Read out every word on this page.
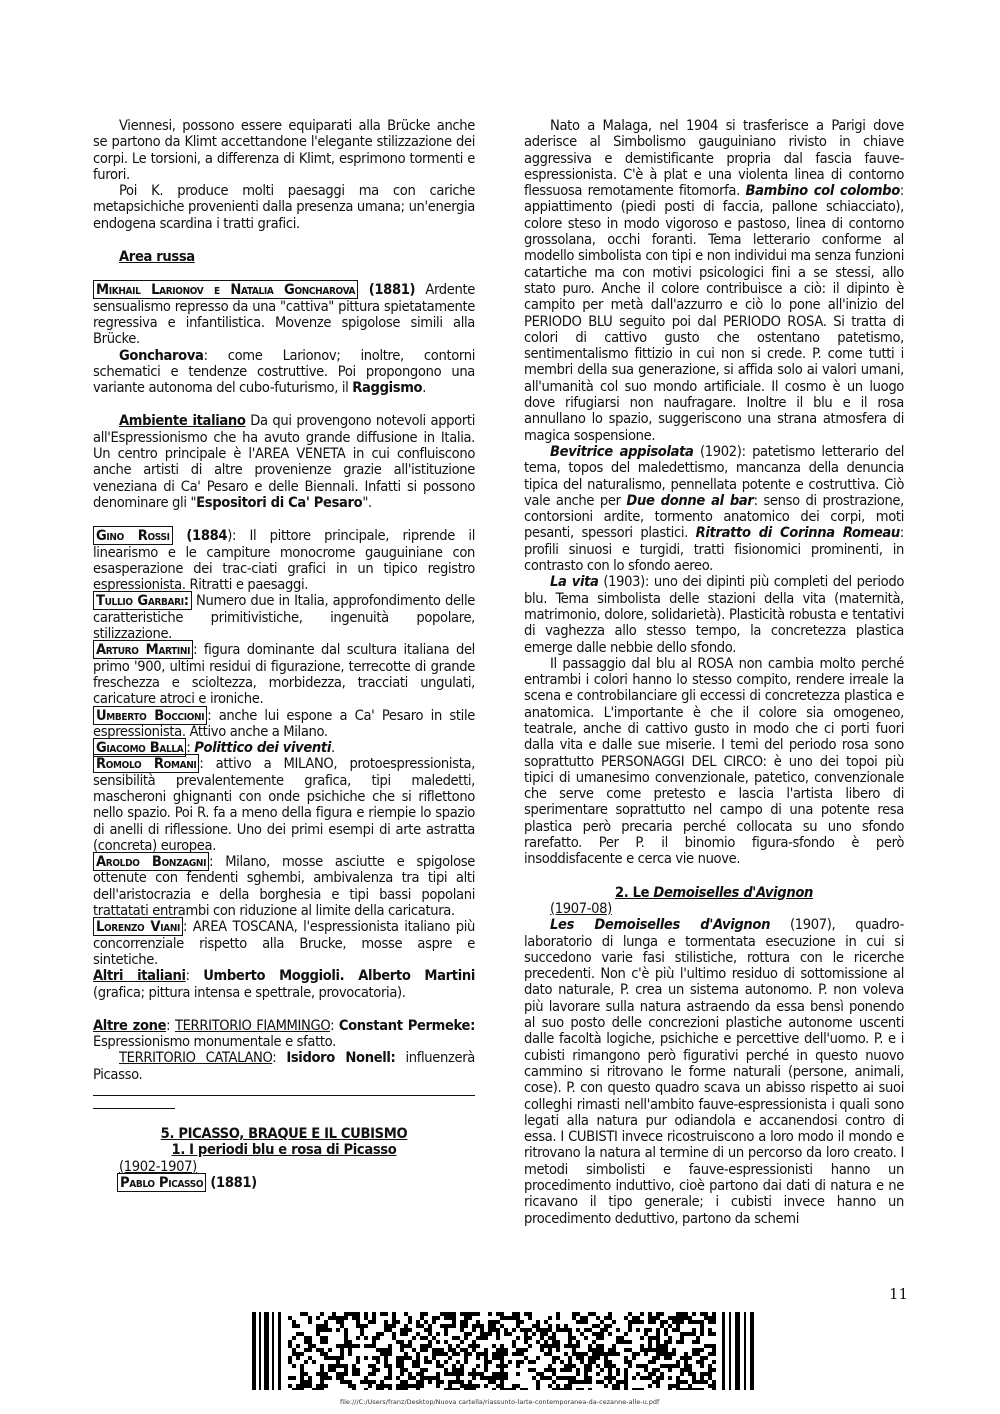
Viennesi, possono essere equiparati alla Brücke anche se partono da Klimt accettandone l'elegante stilizzazione dei corpi. Le torsioni, a differenza di Klimt, esprimono tormenti e furori.

Poi K. produce molti paesaggi ma con cariche metapsichiche provenienti dalla presenza umana; un'energia endogena scardina i tratti grafici.

Area russa

Mikhail Larionov e Natalia Goncharova (1881) Ardente sensualismo represso da una "cattiva" pittura spietatamente regressiva e infantilistica. Movenze spigolose simili alla Brücke.

Goncharova: come Larionov; inoltre, contorni schematici e tendenze costruttive. Poi propongono una variante autonoma del cubo-futurismo, il Raggismo.

Ambiente italiano Da qui provengono notevoli apporti all'Espressionismo che ha avuto grande diffusione in Italia. Un centro principale è l'AREA VENETA in cui confluiscono anche artisti di altre provenienze grazie all'istituzione veneziana di Ca' Pesaro e delle Biennali. Infatti si possono denominare gli "Espositori di Ca' Pesaro".

Gino Rossi (1884): Il pittore principale, riprende il linearismo e le campiture monocrome gauguiniane con esasperazione dei trac-ciati grafici in un tipico registro espressionista. Ritratti e paesaggi.

Tullio Garbari: Numero due in Italia, approfondimento delle caratteristiche primitivistiche, ingenuità popolare, stilizzazione.

Arturo Martini : figura dominante dal scultura italiana del primo '900, ultimi residui di figurazione, terrecotte di grande freschezza e scioltezza, morbidezza, tracciati ungulati, caricature atroci e ironiche.

Umberto Boccioni : anche lui espone a Ca' Pesaro in stile espressionista. Attivo anche a Milano.

Giacomo Balla : Polittico dei viventi.

Romolo Romani : attivo a MILANO, protoespressionista, sensibilità prevalentemente grafica, tipi maledetti, mascheroni ghignanti con onde psichiche che si riflettono nello spazio. Poi R. fa a meno della figura e riempie lo spazio di anelli di riflessione. Uno dei primi esempi di arte astratta (concreta) europea.

Aroldo Bonzagni : Milano, mosse asciutte e spigolose ottenute con fendenti sghembi, ambivalenza tra tipi alti dell'aristocrazia e della borghesia e tipi bassi popolani trattatati entrambi con riduzione al limite della caricatura.

Lorenzo Viani : AREA TOSCANA, l'espressionista italiano più concorrenziale rispetto alla Brucke, mosse aspre e sintetiche.

Altri italiani: Umberto Moggioli. Alberto Martini (grafica; pittura intensa e spettrale, provocatoria).

Altre zone: TERRITORIO FIAMMINGO: Constant Permeke: Espressionismo monumentale e sfatto.

TERRITORIO CATALANO: Isidoro Nonell: influenzerà Picasso.

5. PICASSO, BRAQUE E IL CUBISMO

1. I periodi blu e rosa di Picasso

(1902-1907)

Pablo Picasso (1881)

Nato a Malaga, nel 1904 si trasferisce a Parigi dove aderisce al Simbolismo gauguiniano rivisto in chiave aggressiva e demistificante propria dal fascia fauve-espressionista. C'è à plat e una violenta linea di contorno flessuosa remotamente fitomorfa. Bambino col colombo: appiattimento (piedi posti di faccia, pallone schiacciato), colore steso in modo vigoroso e pastoso, linea di contorno grossolana, occhi foranti. Tema letterario conforme al modello simbolista con tipi e non individui ma senza funzioni catartiche ma con motivi psicologici fini a se stessi, allo stato puro. Anche il colore contribuisce a ciò: il dipinto è campito per metà dall'azzurro e ciò lo pone all'inizio del PERIODO BLU seguito poi dal PERIODO ROSA. Si tratta di colori di cattivo gusto che ostentano patetismo, sentimentalismo fittizio in cui non si crede. P. come tutti i membri della sua generazione, si affida solo ai valori umani, all'umanità col suo mondo artificiale. Il cosmo è un luogo dove rifugiarsi non naufragare. Inoltre il blu e il rosa annullano lo spazio, suggeriscono una strana atmosfera di magica sospensione.

Bevitrice appisolata (1902): patetismo letterario del tema, topos del maledettismo, mancanza della denuncia tipica del naturalismo, pennellata potente e costruttiva. Ciò vale anche per Due donne al bar: senso di prostrazione, contorsioni ardite, tormento anatomico dei corpi, moti pesanti, spessori plastici. Ritratto di Corinna Romeau: profili sinuosi e turgidi, tratti fisionomici prominenti, in contrasto con lo sfondo aereo.

La vita (1903): uno dei dipinti più completi del periodo blu. Tema simbolista delle stazioni della vita (maternità, matrimonio, dolore, solidarietà). Plasticità robusta e tentativi di vaghezza allo stesso tempo, la concretezza plastica emerge dalle nebbie dello sfondo.

Il passaggio dal blu al ROSA non cambia molto perché entrambi i colori hanno lo stesso compito, rendere irreale la scena e controbilanciare gli eccessi di concretezza plastica e anatomica. L'importante è che il colore sia omogeneo, teatrale, anche di cattivo gusto in modo che ci porti fuori dalla vita e dalle sue miserie. I temi del periodo rosa sono soprattutto PERSONAGGI DEL CIRCO: è uno dei topoi più tipici di umanesimo convenzionale, patetico, convenzionale che serve come pretesto e lascia l'artista libero di sperimentare soprattutto nel campo di una potente resa plastica però precaria perché collocata su uno sfondo rarefatto. Per P. il binomio figura-sfondo è però insoddisfacente e cerca vie nuove.

2. Le Demoiselles d'Avignon

(1907-08)

Les Demoiselles d'Avignon (1907), quadro-laboratorio di lunga e tormentata esecuzione in cui si succedono varie fasi stilistiche, rottura con le ricerche precedenti. Non c'è più l'ultimo residuo di sottomissione al dato naturale, P. crea un sistema autonomo. P. non voleva più lavorare sulla natura astraendo da essa bensì ponendo al suo posto delle concrezioni plastiche autonome uscenti dalle facoltà logiche, psichiche e percettive dell'uomo. P. e i cubisti rimangono però figurativi perché in questo nuovo cammino si ritrovano le forme naturali (persone, animali, cose). P. con questo quadro scava un abisso rispetto ai suoi colleghi rimasti nell'ambito fauve-espressionista i quali sono legati alla natura pur odiandola e accanendosi contro di essa. I CUBISTI invece ricostruiscono a loro modo il mondo e ritrovano la natura al termine di un percorso da loro creato. I metodi simbolisti e fauve-espressionisti hanno un procedimento induttivo, cioè partono dai dati di natura e ne ricavano il tipo generale; i cubisti invece hanno un procedimento deduttivo, partono da schemi

11
file:///C:/Users/franz/Desktop/Nuova cartella/riassunto-larte-contemporanea-da-cezanne-alle-u.pdf
